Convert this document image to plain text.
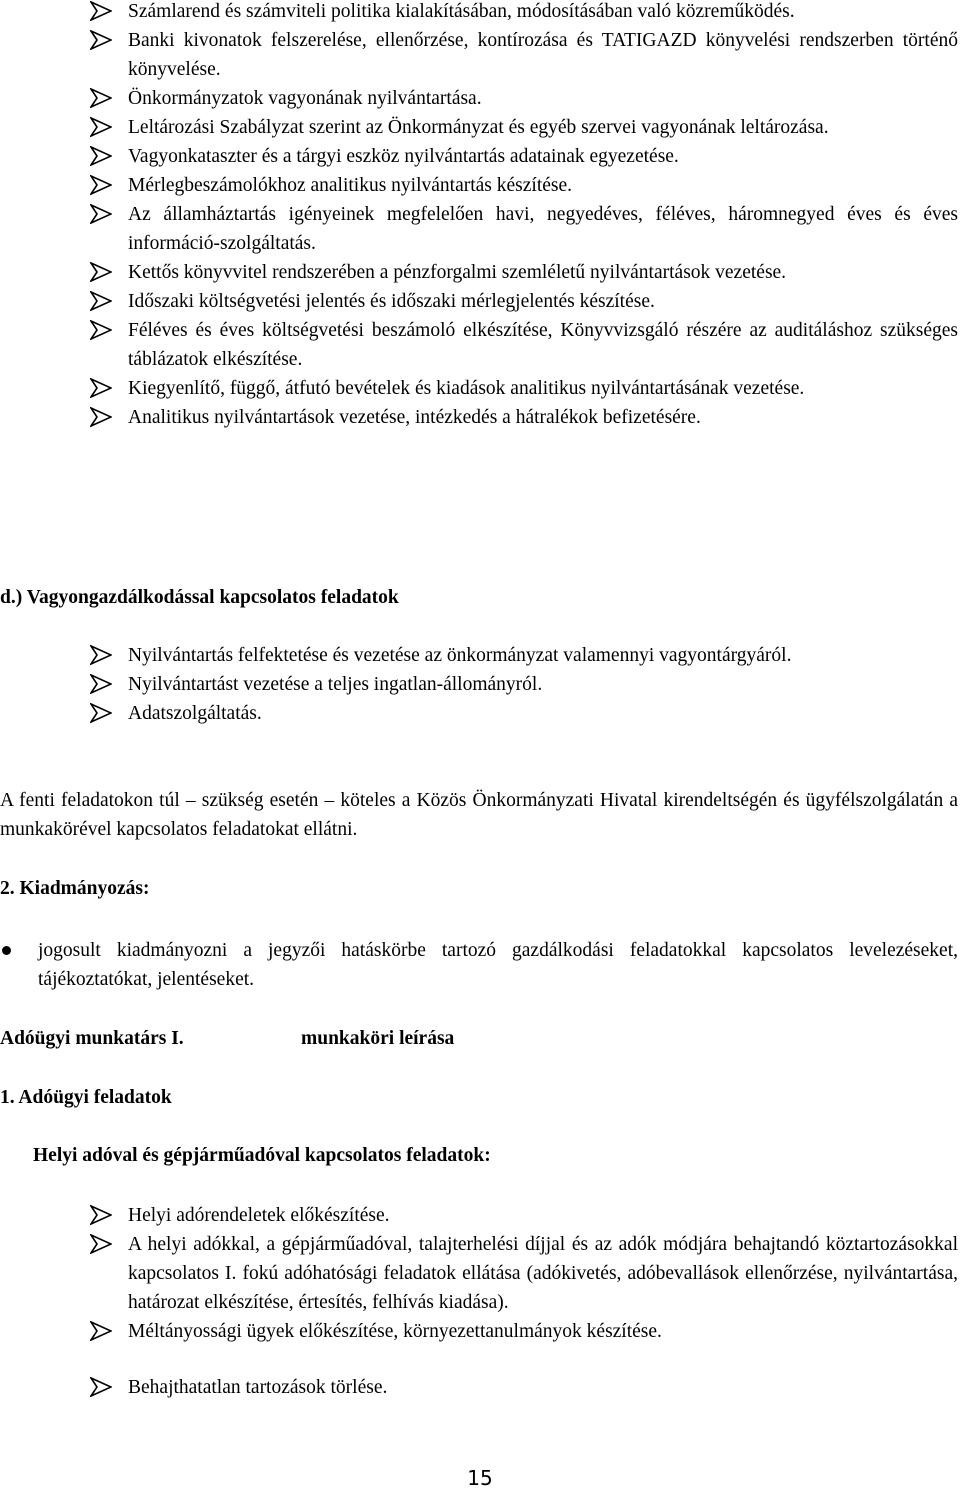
Számlarend és számviteli politika kialakításában, módosításában való közreműködés.
Banki kivonatok felszerelése, ellenőrzése, kontírozása és TATIGAZD könyvelési rendszerben történő könyvelése.
Önkormányzatok vagyonának nyilvántartása.
Leltározási Szabályzat szerint az Önkormányzat és egyéb szervei vagyonának leltározása.
Vagyonkataszter és a tárgyi eszköz nyilvántartás adatainak egyezetése.
Mérlegbeszámolókhoz analitikus nyilvántartás készítése.
Az államháztartás igényeinek megfelelően havi, negyedéves, féléves, háromnegyed éves és éves információ-szolgáltatás.
Kettős könyvvitel rendszerében a pénzforgalmi szemléletű nyilvántartások vezetése.
Időszaki költségvetési jelentés és időszaki mérlegjelentés készítése.
Féléves és éves költségvetési beszámoló elkészítése, Könyvvizsgáló részére az auditáláshoz szükséges táblázatok elkészítése.
Kiegyenlítő, függő, átfutó bevételek és kiadások analitikus nyilvántartásának vezetése.
Analitikus nyilvántartások vezetése, intézkedés a hátralékok befizetésére.
d.) Vagyongazdálkodással kapcsolatos feladatok
Nyilvántartás felfektetése és vezetése az önkormányzat valamennyi vagyontárgyáról.
Nyilvántartást vezetése a teljes ingatlan-állományról.
Adatszolgáltatás.
A fenti feladatokon túl – szükség esetén – köteles a Közös Önkormányzati Hivatal kirendeltségén és ügyfélszolgálatán a munkakörével kapcsolatos feladatokat ellátni.
2. Kiadmányozás:
jogosult kiadmányozni a jegyzői hatáskörbe tartozó gazdálkodási feladatokkal kapcsolatos levelezéseket, tájékoztatókat, jelentéseket.
Adóügyi munkatárs I.	munkaköri leírása
1. Adóügyi feladatok
Helyi adóval és gépjárműadóval kapcsolatos feladatok:
Helyi adórendeletek előkészítése.
A helyi adókkal, a gépjárműadóval, talajterhelési díjjal és az adók módjára behajtandó köztartozásokkal kapcsolatos I. fokú adóhatósági feladatok ellátása (adókivetés, adóbevallások ellenőrzése, nyilvántartása, határozat elkészítése, értesítés, felhívás kiadása).
Méltányossági ügyek előkészítése, környezettanulmányok készítése.
Behajthatatlan tartozások törlése.
15
